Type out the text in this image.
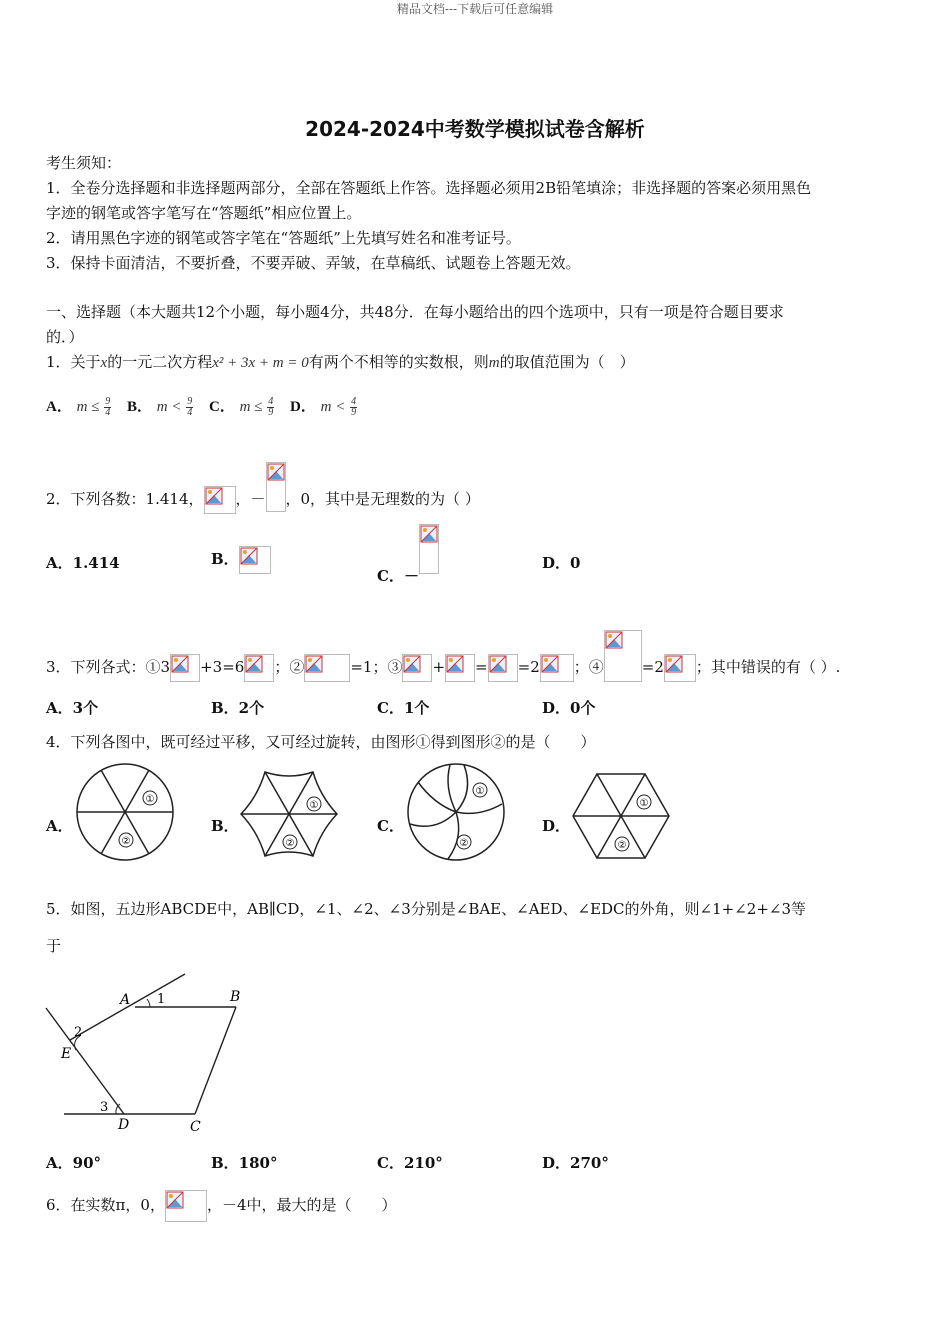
精品文档---下载后可任意编辑
2024-2024中考数学模拟试卷含解析
考生须知：
1．全卷分选择题和非选择题两部分，全部在答题纸上作答。选择题必须用2B铅笔填涂；非选择题的答案必须用黑色
字迹的钢笔或答字笔写在“答题纸”相应位置上。
2．请用黑色字迹的钢笔或答字笔在“答题纸”上先填写姓名和准考证号。
3．保持卡面清洁，不要折叠，不要弄破、弄皱，在草稿纸、试题卷上答题无效。
一、选择题（本大题共12个小题，每小题4分，共48分．在每小题给出的四个选项中，只有一项是符合题目要求
的．）
1．关于x的一元二次方程x² + 3x + m = 0有两个不相等的实数根，则m的取值范围为（　）
A． $m \le \frac{9}{4}$ B． $m < \frac{9}{4}$ C． $m \le \frac{4}{9}$ D． $m < \frac{4}{9}$
2．下列各数：1.414， ，－ ，0，其中是无理数的为（ ）
A．1.414	B．
C．－
D．0
3．下列各式：①3 +3=6 ；②	=1；③ + = =2 ；④	=2 ；其中错误的有（ ）.
A．3个	B．2个	C．1个	D．0个
4．下列各图中，既可经过平移，又可经过旋转，由图形①得到图形②的是（　　）
A．
①
②
B．
①
②
C．
①
②
D．
①
②
5．如图，五边形ABCDE中，AB∥CD，∠1、∠2、∠3分别是∠BAE、∠AED、∠EDC的外角，则∠1+∠2+∠3等
于
A	B
C
D
E
1
2
3
A．90°	B．180°	C．210°	D．270°
6．在实数π，0，	，－4中，最大的是（　　）
